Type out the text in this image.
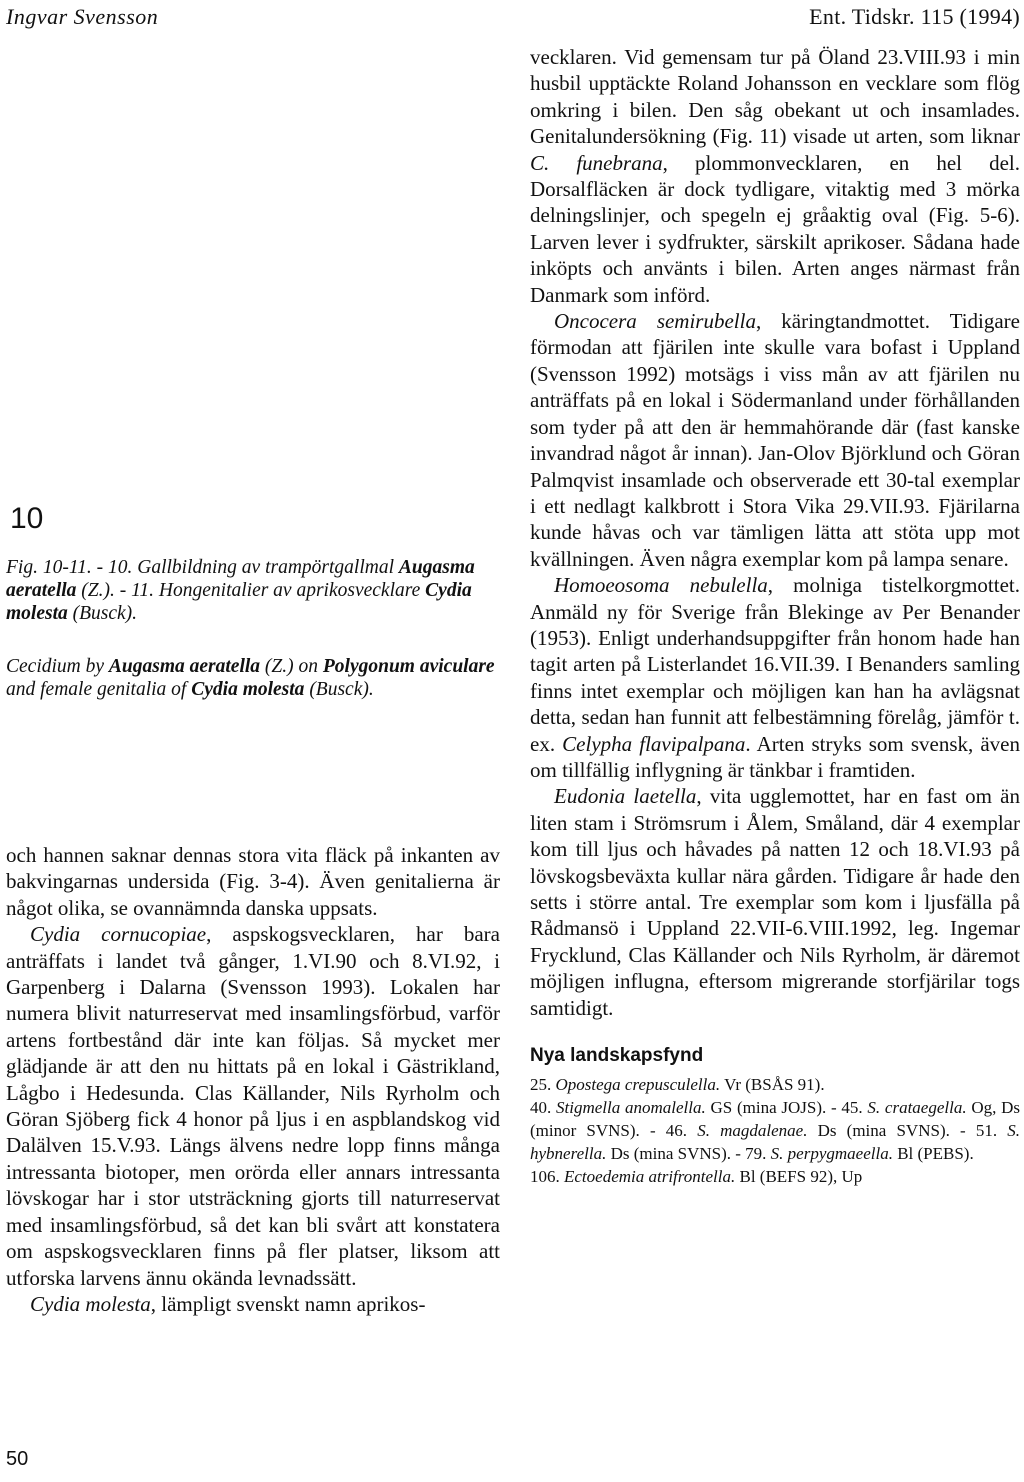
Ingvar Svensson	Ent. Tidskr. 115 (1994)
10

Fig. 10-11. - 10. Gallbildning av trampörtgallmal Augasma aeratella (Z.). - 11. Hongenitalier av aprikosvecklare Cydia molesta (Busck).

Cecidium by Augasma aeratella (Z.) on Polygonum aviculare and female genitalia of Cydia molesta (Busck).

och hannen saknar dennas stora vita fläck på inkanten av bakvingarnas undersida (Fig. 3-4). Även genitalierna är något olika, se ovannämnda danska uppsats.

Cydia cornucopiae, aspskogsvecklaren, har bara anträffats i landet två gånger, 1.VI.90 och 8.VI.92, i Garpenberg i Dalarna (Svensson 1993). Lokalen har numera blivit naturreservat med insamlingsförbud, varför artens fortbestånd där inte kan följas. Så mycket mer glädjande är att den nu hittats på en lokal i Gästrikland, Lågbo i Hedesunda. Clas Källander, Nils Ryrholm och Göran Sjöberg fick 4 honor på ljus i en aspblandskog vid Dalälven 15.V.93. Längs älvens nedre lopp finns många intressanta biotoper, men orörda eller annars intressanta lövskogar har i stor utsträckning gjorts till naturreservat med insamlingsförbud, så det kan bli svårt att konstatera om aspskogsvecklaren finns på fler platser, liksom att utforska larvens ännu okända levnadssätt.

Cydia molesta, lämpligt svenskt namn aprikos-

vecklaren. Vid gemensam tur på Öland 23.VIII.93 i min husbil upptäckte Roland Johansson en vecklare som flög omkring i bilen. Den såg obekant ut och insamlades. Genitalundersökning (Fig. 11) visade ut arten, som liknar C. funebrana, plommonvecklaren, en hel del. Dorsalfläcken är dock tydligare, vitaktig med 3 mörka delningslinjer, och spegeln ej gråaktig oval (Fig. 5-6). Larven lever i sydfrukter, särskilt aprikoser. Sådana hade inköpts och använts i bilen. Arten anges närmast från Danmark som införd.

Oncocera semirubella, käringtandmottet. Tidigare förmodan att fjärilen inte skulle vara bofast i Uppland (Svensson 1992) motsägs i viss mån av att fjärilen nu anträffats på en lokal i Södermanland under förhållanden som tyder på att den är hemmahörande där (fast kanske invandrad något år innan). Jan-Olov Björklund och Göran Palmqvist insamlade och observerade ett 30-tal exemplar i ett nedlagt kalkbrott i Stora Vika 29.VII.93. Fjärilarna kunde håvas och var tämligen lätta att stöta upp mot kvällningen. Även några exemplar kom på lampa senare.

Homoeosoma nebulella, molniga tistelkorgmottet. Anmäld ny för Sverige från Blekinge av Per Benander (1953). Enligt underhandsuppgifter från honom hade han tagit arten på Listerlandet 16.VII.39. I Benanders samling finns intet exemplar och möjligen kan han ha avlägsnat detta, sedan han funnit att felbestämning förelåg, jämför t. ex. Celypha flavipalpana. Arten stryks som svensk, även om tillfällig inflygning är tänkbar i framtiden.

Eudonia laetella, vita ugglemottet, har en fast om än liten stam i Strömsrum i Ålem, Småland, där 4 exemplar kom till ljus och håvades på natten 12 och 18.VI.93 på lövskogsbeväxta kullar nära gården. Tidigare år hade den setts i större antal. Tre exemplar som kom i ljusfälla på Rådmansö i Uppland 22.VII-6.VIII.1992, leg. Ingemar Frycklund, Clas Källander och Nils Ryrholm, är däremot möjligen influgna, eftersom migrerande storfjärilar togs samtidigt.

Nya landskapsfynd
25. Opostega crepusculella. Vr (BSÅS 91).
40. Stigmella anomalella. GS (mina JOJS). - 45. S. crataegella. Og, Ds (minor SVNS). - 46. S. magdalenae. Ds (mina SVNS). - 51. S. hybnerella. Ds (mina SVNS). - 79. S. perpygmaeella. Bl (PEBS).
106. Ectoedemia atrifrontella. Bl (BEFS 92), Up
50
